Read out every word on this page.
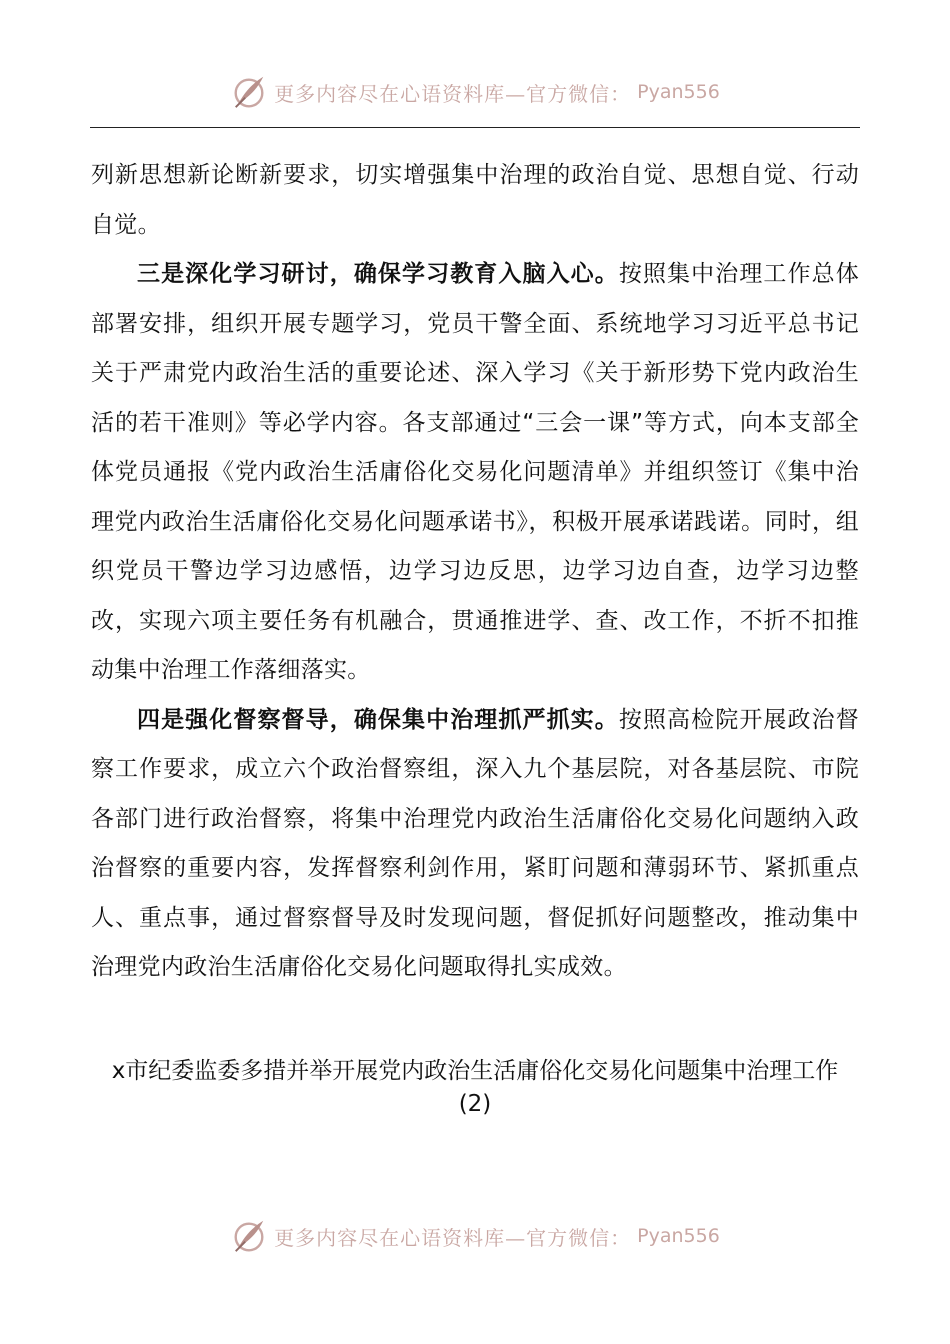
更多内容尽在心语资料库—官方微信： Pyan556

列新思想新论断新要求，切实增强集中治理的政治自觉、思想自觉、行动自觉。

三是深化学习研讨，确保学习教育入脑入心。按照集中治理工作总体部署安排，组织开展专题学习，党员干警全面、系统地学习习近平总书记关于严肃党内政治生活的重要论述、深入学习《关于新形势下党内政治生活的若干准则》等必学内容。各支部通过“三会一课”等方式，向本支部全体党员通报《党内政治生活庸俗化交易化问题清单》并组织签订《集中治理党内政治生活庸俗化交易化问题承诺书》，积极开展承诺践诺。同时，组织党员干警边学习边感悟，边学习边反思，边学习边自查，边学习边整改，实现六项主要任务有机融合，贯通推进学、查、改工作，不折不扣推动集中治理工作落细落实。

四是强化督察督导，确保集中治理抓严抓实。按照高检院开展政治督察工作要求，成立六个政治督察组，深入九个基层院，对各基层院、市院各部门进行政治督察，将集中治理党内政治生活庸俗化交易化问题纳入政治督察的重要内容，发挥督察利剑作用，紧盯问题和薄弱环节、紧抓重点人、重点事，通过督察督导及时发现问题，督促抓好问题整改，推动集中治理党内政治生活庸俗化交易化问题取得扎实成效。

x市纪委监委多措并举开展党内政治生活庸俗化交易化问题集中治理工作
(2)
更多内容尽在心语资料库—官方微信： Pyan556
